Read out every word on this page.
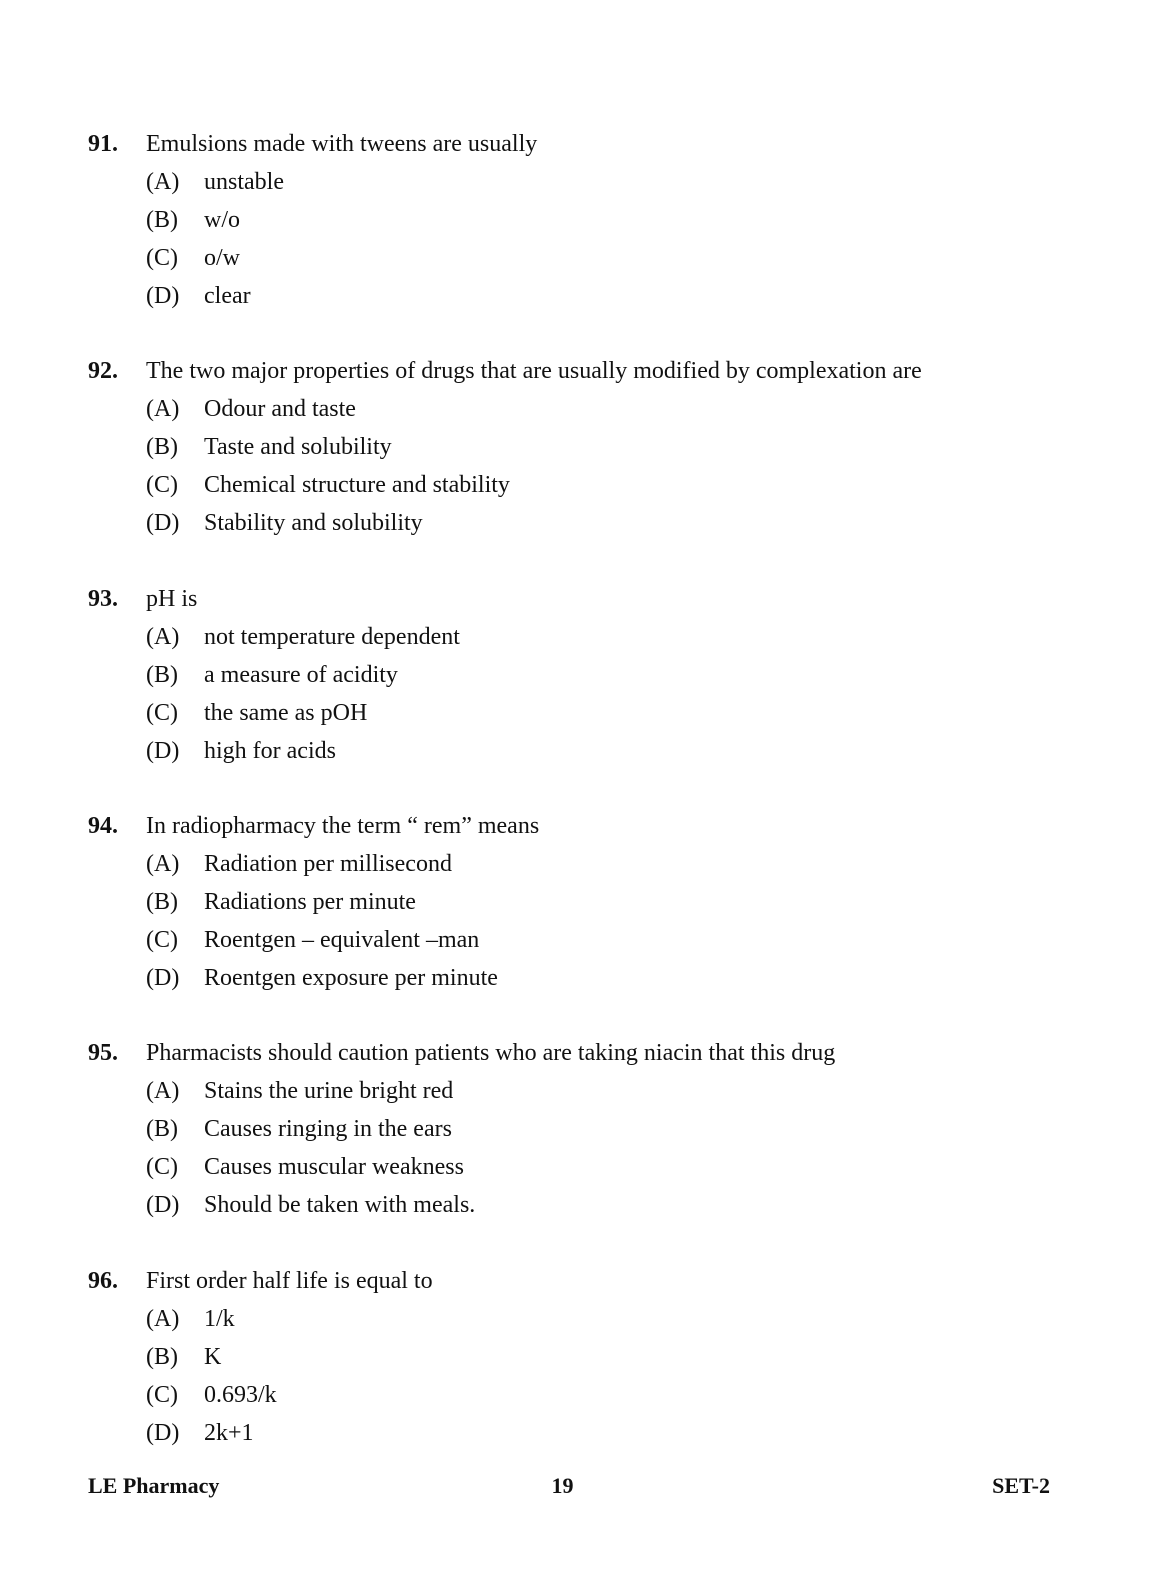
91. Emulsions made with tweens are usually
(A) unstable
(B) w/o
(C) o/w
(D) clear
92. The two major properties of drugs that are usually modified by complexation are
(A) Odour and taste
(B) Taste and solubility
(C) Chemical structure and stability
(D) Stability and solubility
93. pH is
(A) not temperature dependent
(B) a measure of acidity
(C) the same as pOH
(D) high for acids
94. In radiopharmacy the term “ rem” means
(A) Radiation per millisecond
(B) Radiations per minute
(C) Roentgen – equivalent –man
(D) Roentgen exposure per minute
95. Pharmacists should caution patients who are taking niacin that this drug
(A) Stains the urine bright red
(B) Causes ringing in the ears
(C) Causes muscular weakness
(D) Should be taken with meals.
96. First order half life is equal to
(A) 1/k
(B) K
(C) 0.693/k
(D) 2k+1
LE Pharmacy	19	SET-2
